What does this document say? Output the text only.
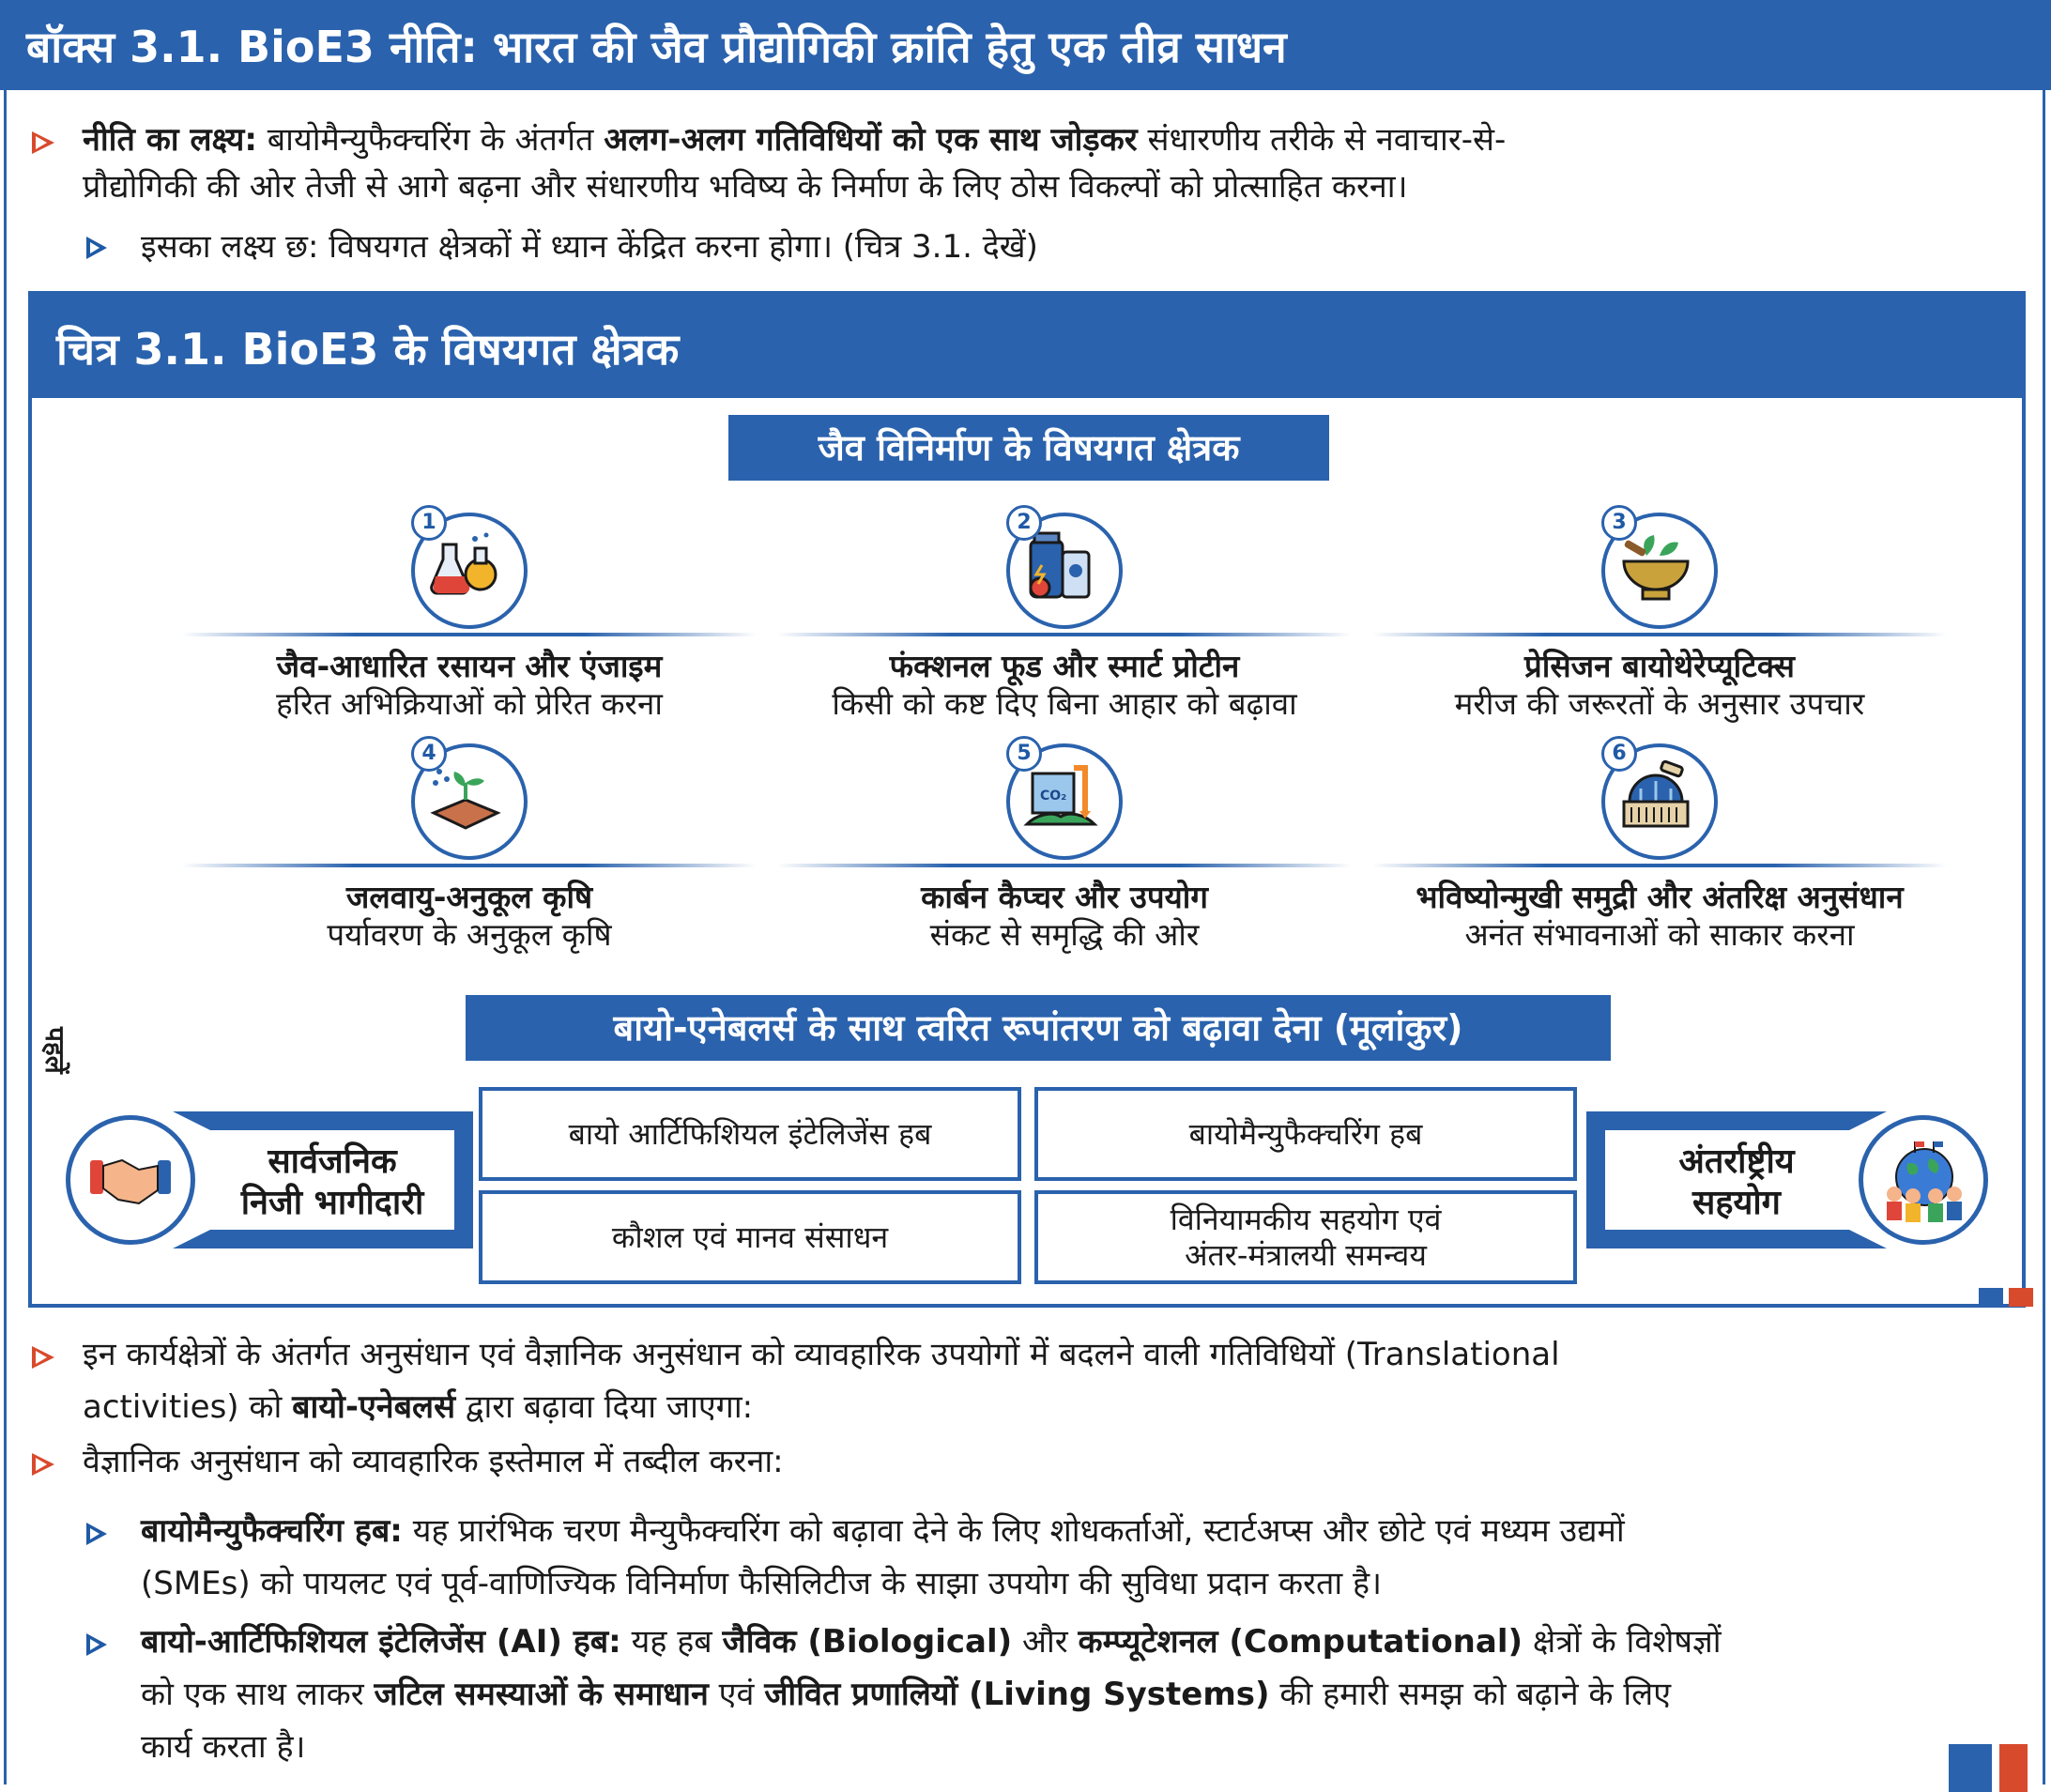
बॉक्स 3.1. BioE3 नीति: भारत की जैव प्रौद्योगिकी क्रांति हेतु एक तीव्र साधन
नीति का लक्ष्य: बायोमैन्युफैक्चरिंग के अंतर्गत अलग-अलग गतिविधियों को एक साथ जोड़कर संधारणीय तरीके से नवाचार-से-
प्रौद्योगिकी की ओर तेजी से आगे बढ़ना और संधारणीय भविष्य के निर्माण के लिए ठोस विकल्पों को प्रोत्साहित करना।
इसका लक्ष्य छ: विषयगत क्षेत्रकों में ध्यान केंद्रित करना होगा। (चित्र 3.1. देखें)
चित्र 3.1. BioE3 के विषयगत क्षेत्रक
जैव विनिर्माण के विषयगत क्षेत्रक
पहलें
1
जैव-आधारित रसायन और एंजाइम
हरित अभिक्रियाओं को प्रेरित करना
2
फंक्शनल फूड और स्मार्ट प्रोटीन
किसी को कष्ट दिए बिना आहार को बढ़ावा
3
प्रेसिजन बायोथेरेप्यूटिक्स
मरीज की जरूरतों के अनुसार उपचार
4
जलवायु-अनुकूल कृषि
पर्यावरण के अनुकूल कृषि
CO₂
5
कार्बन कैप्चर और उपयोग
संकट से समृद्धि की ओर
6
भविष्योन्मुखी समुद्री और अंतरिक्ष अनुसंधान
अनंत संभावनाओं को साकार करना
बायो-एनेबलर्स के साथ त्वरित रूपांतरण को बढ़ावा देना (मूलांकुर)
सार्वजनिक
निजी भागीदारी
अंतर्राष्ट्रीय
सहयोग
बायो आर्टिफिशियल इंटेलिजेंस हब	बायोमैन्युफैक्चरिंग हब
कौशल एवं मानव संसाधन	विनियामकीय सहयोग एवं
अंतर-मंत्रालयी समन्वय
इन कार्यक्षेत्रों के अंतर्गत अनुसंधान एवं वैज्ञानिक अनुसंधान को व्यावहारिक उपयोगों में बदलने वाली गतिविधियों (Translational
activities) को बायो-एनेबलर्स द्वारा बढ़ावा दिया जाएगा:
वैज्ञानिक अनुसंधान को व्यावहारिक इस्तेमाल में तब्दील करना:
बायोमैन्युफैक्चरिंग हब: यह प्रारंभिक चरण मैन्युफैक्चरिंग को बढ़ावा देने के लिए शोधकर्ताओं, स्टार्टअप्स और छोटे एवं मध्यम उद्यमों
(SMEs) को पायलट एवं पूर्व-वाणिज्यिक विनिर्माण फैसिलिटीज के साझा उपयोग की सुविधा प्रदान करता है।
बायो-आर्टिफिशियल इंटेलिजेंस (AI) हब: यह हब जैविक (Biological) और कम्प्यूटेशनल (Computational) क्षेत्रों के विशेषज्ञों
को एक साथ लाकर जटिल समस्याओं के समाधान एवं जीवित प्रणालियों (Living Systems) की हमारी समझ को बढ़ाने के लिए
कार्य करता है।
